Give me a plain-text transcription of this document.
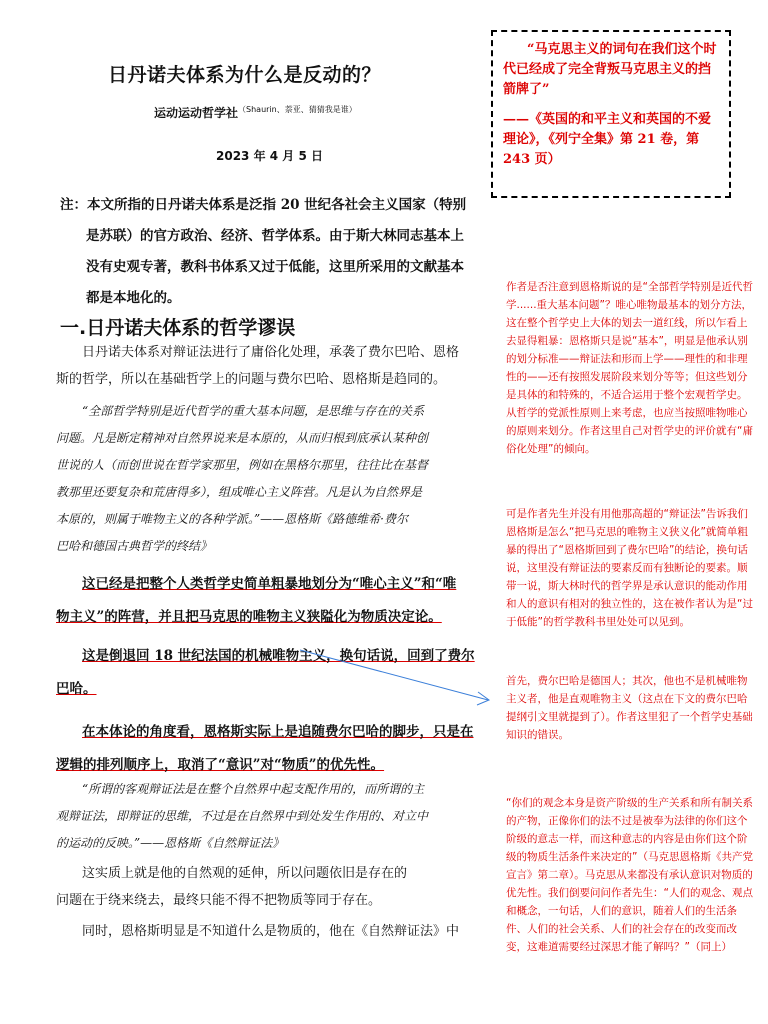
日丹诺夫体系为什么是反动的？
运动运动哲学社$^{(Shaurin、萘亚、猜猜我是谁)}$
2023 年 4 月 5 日
注：本文所指的日丹诺夫体系是泛指 20 世纪各社会主义国家（特别
是苏联）的官方政治、经济、哲学体系。由于斯大林同志基本上
没有史观专著，教科书体系又过于低能，这里所采用的文献基本
都是本地化的。
一.日丹诺夫体系的哲学谬误
日丹诺夫体系对辩证法进行了庸俗化处理，承袭了费尔巴哈、恩格
斯的哲学，所以在基础哲学上的问题与费尔巴哈、恩格斯是趋同的。
“全部哲学特别是近代哲学的重大基本问题，是思维与存在的关系
问题。凡是断定精神对自然界说来是本原的，从而归根到底承认某种创
世说的人（而创世说在哲学家那里，例如在黑格尔那里，往往比在基督
教那里还要复杂和荒唐得多），组成唯心主义阵营。凡是认为自然界是
本原的，则属于唯物主义的各种学派。”——恩格斯《路德维希·费尔
巴哈和德国古典哲学的终结》
这已经是把整个人类哲学史简单粗暴地划分为“唯心主义”和“唯
物主义”的阵营，并且把马克思的唯物主义狭隘化为物质决定论。
这是倒退回 18 世纪法国的机械唯物主义，换句话说，回到了费尔
巴哈。
在本体论的角度看，恩格斯实际上是追随费尔巴哈的脚步，只是在
逻辑的排列顺序上，取消了“意识”对“物质”的优先性。
“所谓的客观辩证法是在整个自然界中起支配作用的，而所谓的主
观辩证法，即辩证的思维，不过是在自然界中到处发生作用的、对立中
的运动的反映。”——恩格斯《自然辩证法》
这实质上就是他的自然观的延伸，所以问题依旧是存在的
问题在于绕来绕去，最终只能不得不把物质等同于存在。
同时，恩格斯明显是不知道什么是物质的，他在《自然辩证法》中
“马克思主义的词句在我们这个时代已经成了完全背叛马克思主义的挡箭牌了”
——《英国的和平主义和英国的不爱理论》，《列宁全集》第 21 卷，第 243 页）
作者是否注意到恩格斯说的是“全部哲学特别是近代哲学......重大基本问题”？唯心唯物最基本的划分方法，这在整个哲学史上大体的划去一道红线，所以乍看上去显得粗暴：恩格斯只是说“基本”，明显是他承认别的划分标准——辩证法和形而上学——理性的和非理性的——还有按照发展阶段来划分等等；但这些划分是具体的和特殊的，不适合运用于整个宏观哲学史。从哲学的党派性原则上来考虑，也应当按照唯物唯心的原则来划分。作者这里自己对哲学史的评价就有“庸俗化处理”的倾向。
可是作者先生并没有用他那高超的“辩证法”告诉我们恩格斯是怎么“把马克思的唯物主义狭义化”就简单粗暴的得出了“恩格斯回到了费尔巴哈”的结论，换句话说，这里没有辩证法的要素反而有独断论的要素。顺带一说，斯大林时代的哲学界是承认意识的能动作用和人的意识有相对的独立性的，这在被作者认为是“过于低能”的哲学教科书里处处可以见到。
首先，费尔巴哈是德国人；其次，他也不是机械唯物主义者，他是直观唯物主义（这点在下文的费尔巴哈提纲引文里就提到了）。作者这里犯了一个哲学史基础知识的错误。
“你们的观念本身是资产阶级的生产关系和所有制关系的产物，正像你们的法不过是被奉为法律的你们这个阶级的意志一样，而这种意志的内容是由你们这个阶级的物质生活条件来决定的”（马克思恩格斯《共产党宣言》第二章）。马克思从来都没有承认意识对物质的优先性。我们倒要问问作者先生：“人们的观念、观点和概念，一句话，人们的意识，随着人们的生活条件、人们的社会关系、人们的社会存在的改变而改变，这难道需要经过深思才能了解吗？”（同上）
